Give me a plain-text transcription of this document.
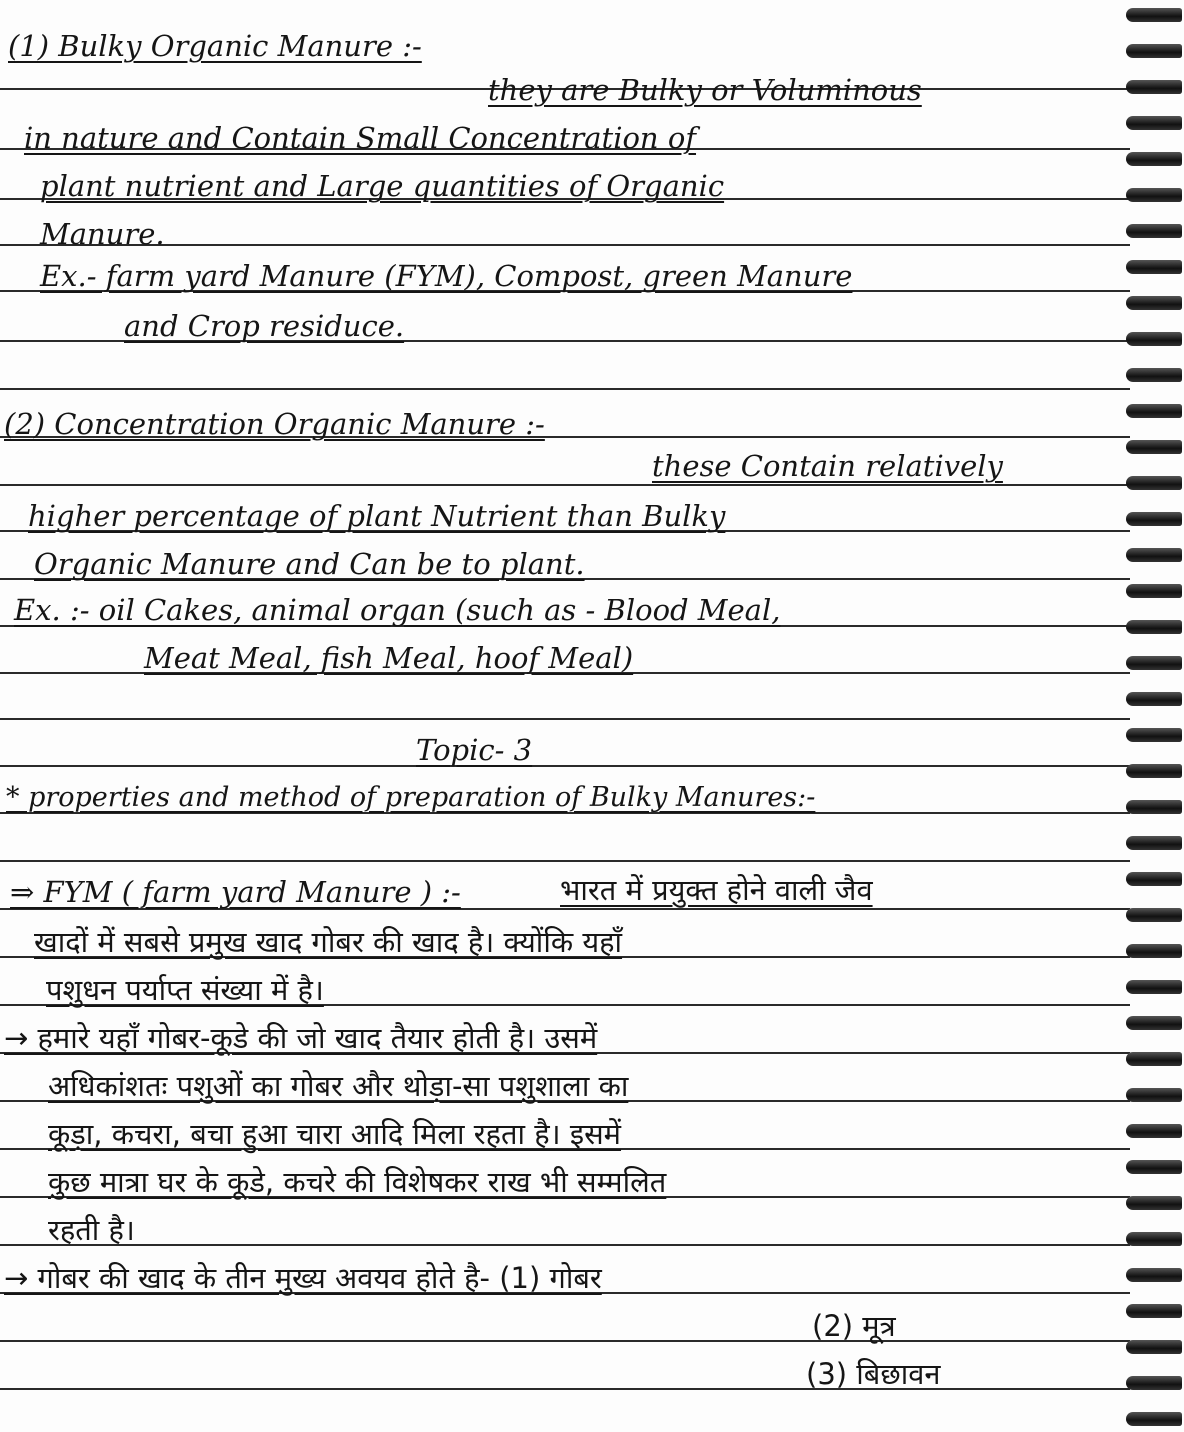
(1) Bulky Organic Manure :-
they are Bulky or Voluminous
in nature and Contain Small Concentration of
plant nutrient and Large quantities of Organic
Manure.
Ex.- farm yard Manure (FYM), Compost, green Manure
and Crop residuce.
(2) Concentration Organic Manure :-
these Contain relatively
higher percentage of plant Nutrient than Bulky
Organic Manure and Can be to plant.
Ex. :- oil Cakes, animal organ (such as - Blood Meal,
Meat Meal, fish Meal, hoof Meal)
Topic- 3
* properties and method of preparation of Bulky Manures:-
⇒ FYM ( farm yard Manure ) :-	भारत में प्रयुक्त होने वाली जैव
खादों में सबसे प्रमुख खाद गोबर की खाद है। क्योंकि यहाँ
पशुधन पर्याप्त संख्या में है।
→ हमारे यहाँ गोबर-कूडे की जो खाद तैयार होती है। उसमें
अधिकांशतः पशुओं का गोबर और थोड़ा-सा पशुशाला का
कूड़ा, कचरा, बचा हुआ चारा आदि मिला रहता है। इसमें
कुछ मात्रा घर के कूडे, कचरे की विशेषकर राख भी सम्मलित
रहती है।
→ गोबर की खाद के तीन मुख्य अवयव होते है- (1) गोबर
(2) मूत्र
(3) बिछावन
